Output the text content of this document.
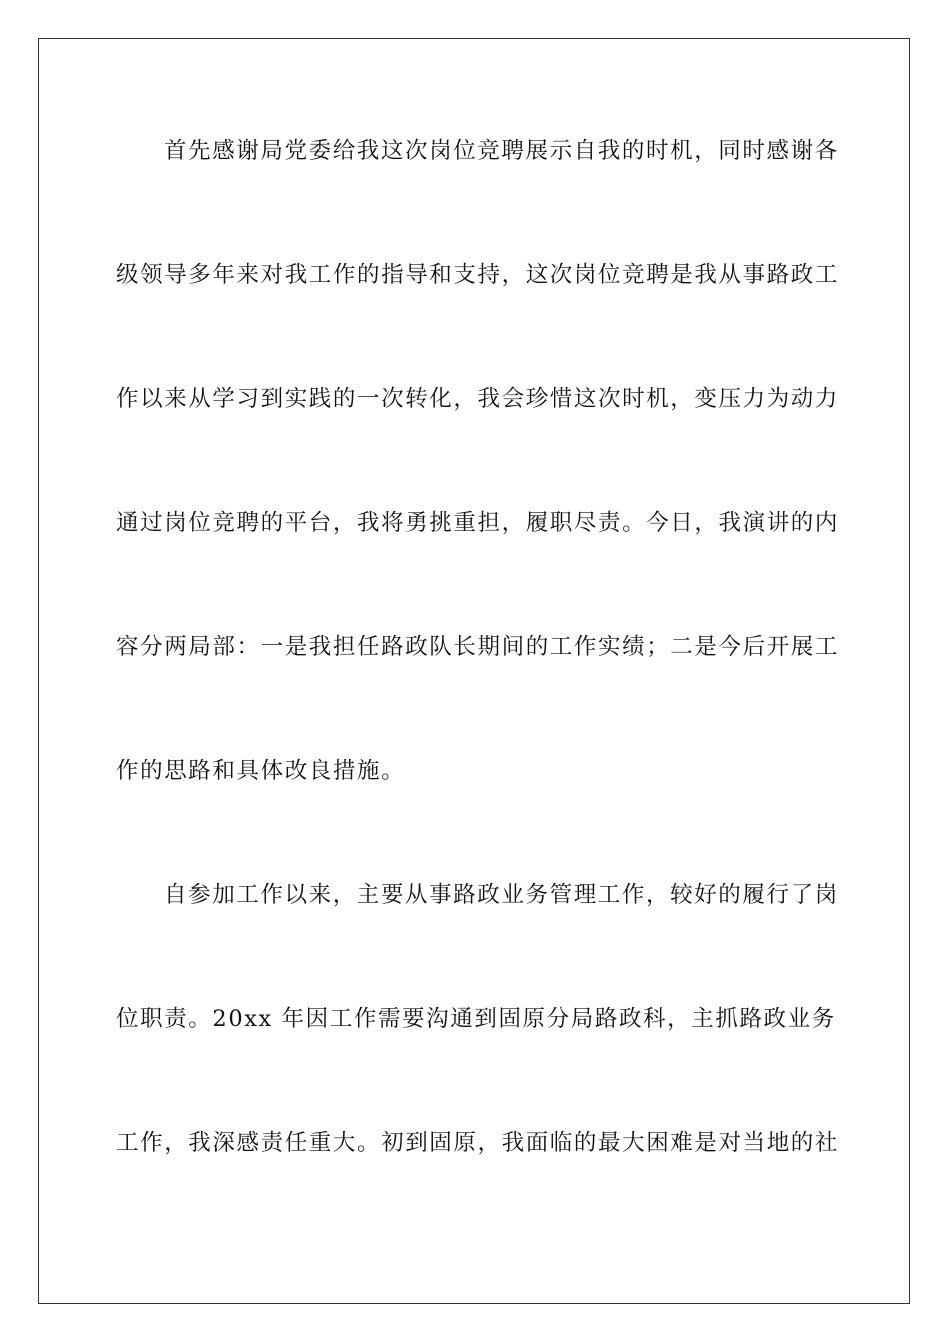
首先感谢局党委给我这次岗位竞聘展示自我的时机，同时感谢各
级领导多年来对我工作的指导和支持，这次岗位竞聘是我从事路政工
作以来从学习到实践的一次转化，我会珍惜这次时机，变压力为动力
通过岗位竞聘的平台，我将勇挑重担，履职尽责。今日，我演讲的内
容分两局部：一是我担任路政队长期间的工作实绩；二是今后开展工
作的思路和具体改良措施。
自参加工作以来，主要从事路政业务管理工作，较好的履行了岗
位职责。20xx 年因工作需要沟通到固原分局路政科，主抓路政业务
工作，我深感责任重大。初到固原，我面临的最大困难是对当地的社
